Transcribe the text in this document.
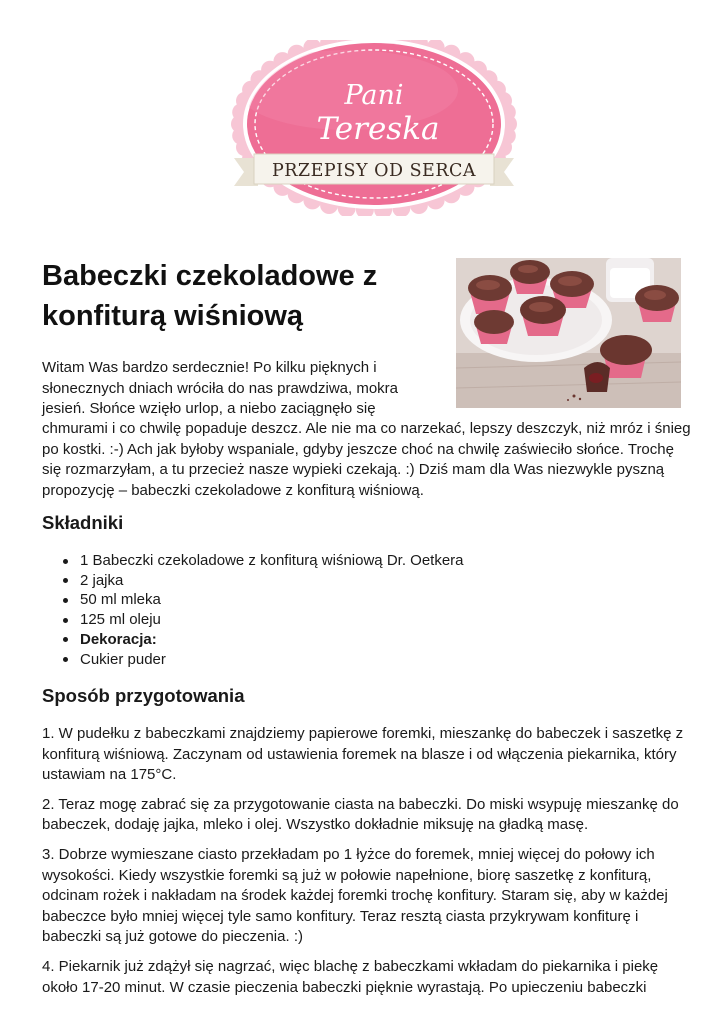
Pani
Tereska
PRZEPISY OD SERCA
Babeczki czekoladowe z konfiturą wiśniową

Witam Was bardzo serdecznie! Po kilku pięknych i słonecznych dniach wróciła do nas prawdziwa, mokra jesień. Słońce wzięło urlop, a niebo zaciągnęło się

chmurami i co chwilę popaduje deszcz. Ale nie ma co narzekać, lepszy deszczyk, niż mróz i śnieg po kostki. :-) Ach jak byłoby wspaniale, gdyby jeszcze choć na chwilę zaświeciło słońce. Trochę się rozmarzyłam, a tu przecież nasze wypieki czekają. :) Dziś mam dla Was niezwykle pyszną propozycję – babeczki czekoladowe z konfiturą wiśniową.

Składniki
1 Babeczki czekoladowe z konfiturą wiśniową Dr. Oetkera
2 jajka
50 ml mleka
125 ml oleju
Dekoracja:
Cukier puder
Sposób przygotowania

1. W pudełku z babeczkami znajdziemy papierowe foremki, mieszankę do babeczek i saszetkę z konfiturą wiśniową. Zaczynam od ustawienia foremek na blasze i od włączenia piekarnika, który ustawiam na 175°C.

2. Teraz mogę zabrać się za przygotowanie ciasta na babeczki. Do miski wsypuję mieszankę do babeczek, dodaję jajka, mleko i olej. Wszystko dokładnie miksuję na gładką masę.

3. Dobrze wymieszane ciasto przekładam po 1 łyżce do foremek, mniej więcej do połowy ich wysokości. Kiedy wszystkie foremki są już w połowie napełnione, biorę saszetkę z konfiturą, odcinam rożek i nakładam na środek każdej foremki trochę konfitury. Staram się, aby w każdej babeczce było mniej więcej tyle samo konfitury. Teraz resztą ciasta przykrywam konfiturę i babeczki są już gotowe do pieczenia. :)

4. Piekarnik już zdążył się nagrzać, więc blachę z babeczkami wkładam do piekarnika i piekę około 17-20 minut. W czasie pieczenia babeczki pięknie wyrastają. Po upieczeniu babeczki
